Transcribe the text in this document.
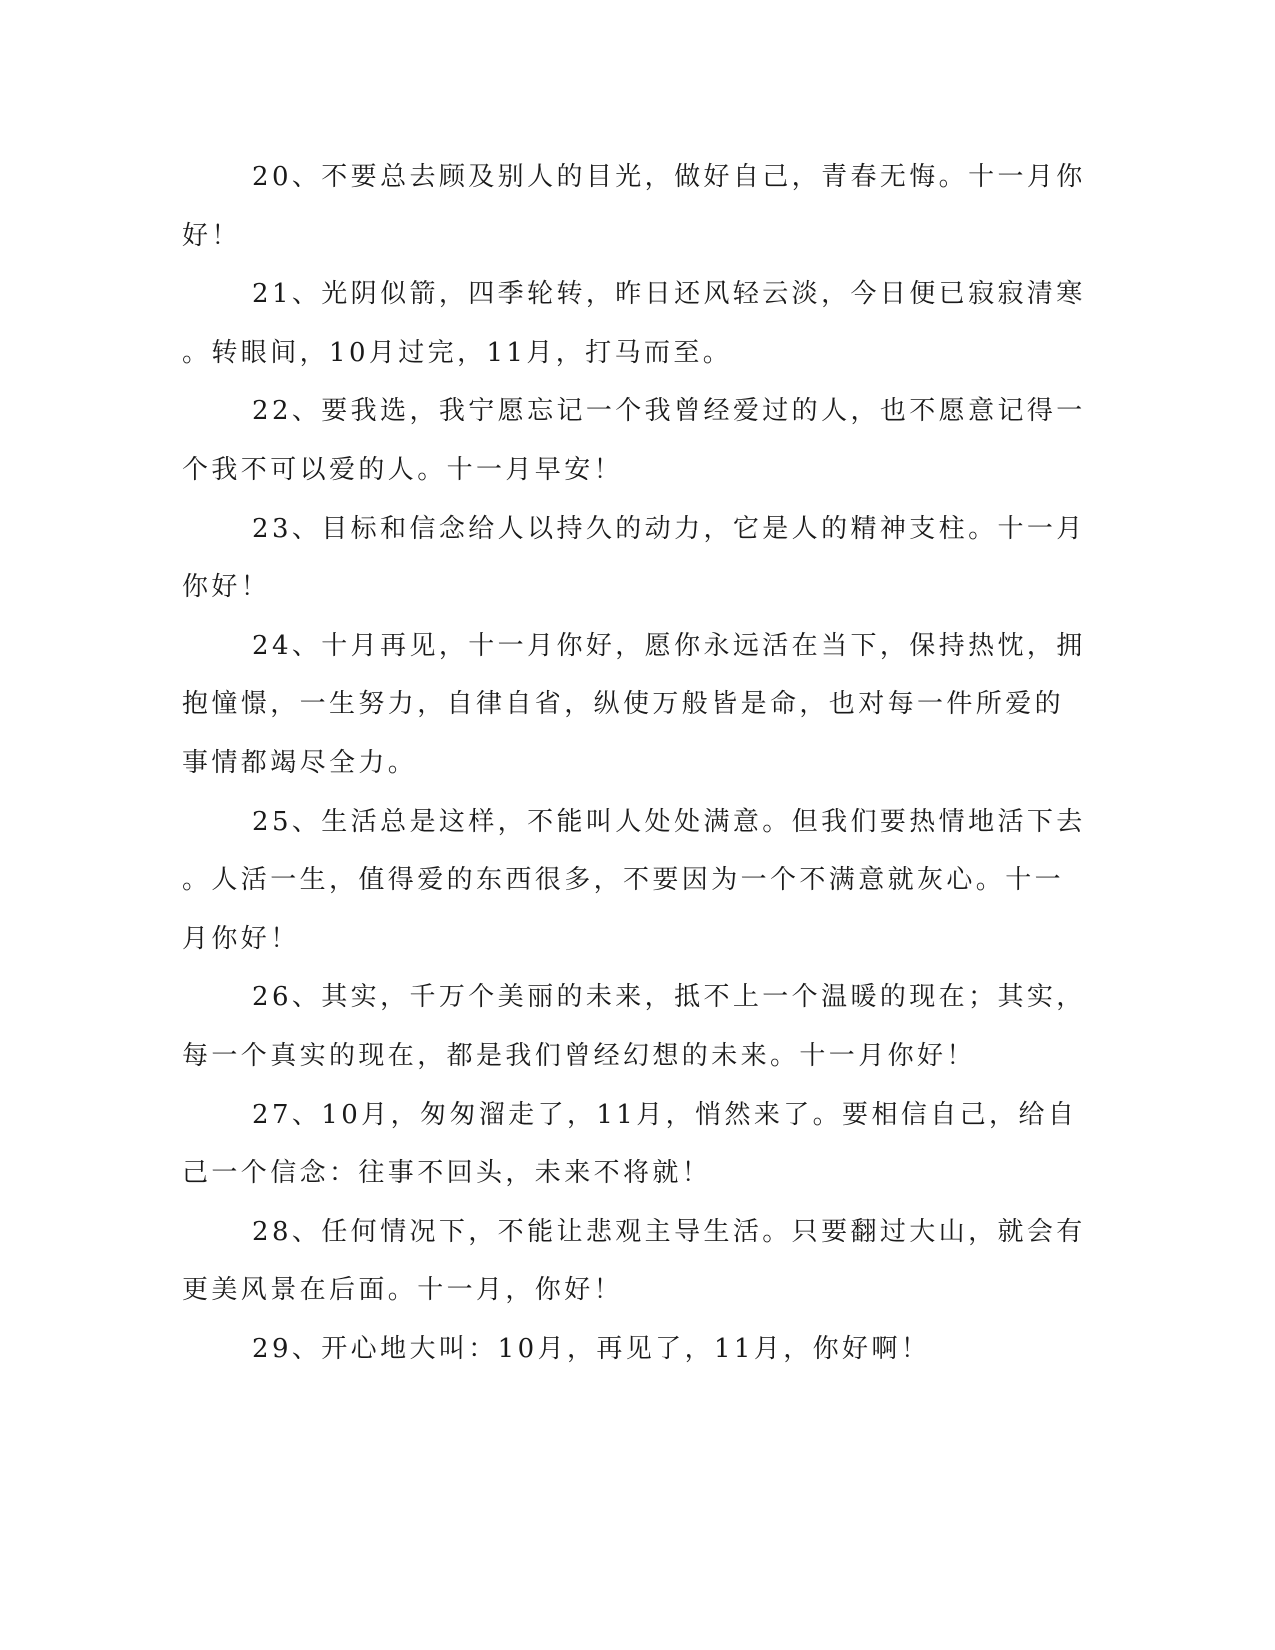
20、不要总去顾及别人的目光，做好自己，青春无悔。十一月你
好！

21、光阴似箭，四季轮转，昨日还风轻云淡，今日便已寂寂清寒
。转眼间，10月过完，11月，打马而至。

22、要我选，我宁愿忘记一个我曾经爱过的人，也不愿意记得一
个我不可以爱的人。十一月早安！

23、目标和信念给人以持久的动力，它是人的精神支柱。十一月
你好！

24、十月再见，十一月你好，愿你永远活在当下，保持热忱，拥
抱憧憬，一生努力，自律自省，纵使万般皆是命，也对每一件所爱的
事情都竭尽全力。

25、生活总是这样，不能叫人处处满意。但我们要热情地活下去
。人活一生，值得爱的东西很多，不要因为一个不满意就灰心。十一
月你好！

26、其实，千万个美丽的未来，抵不上一个温暖的现在；其实，
每一个真实的现在，都是我们曾经幻想的未来。十一月你好！

27、10月，匆匆溜走了，11月，悄然来了。要相信自己，给自
己一个信念：往事不回头，未来不将就！

28、任何情况下，不能让悲观主导生活。只要翻过大山，就会有
更美风景在后面。十一月，你好！

29、开心地大叫：10月，再见了，11月，你好啊！
